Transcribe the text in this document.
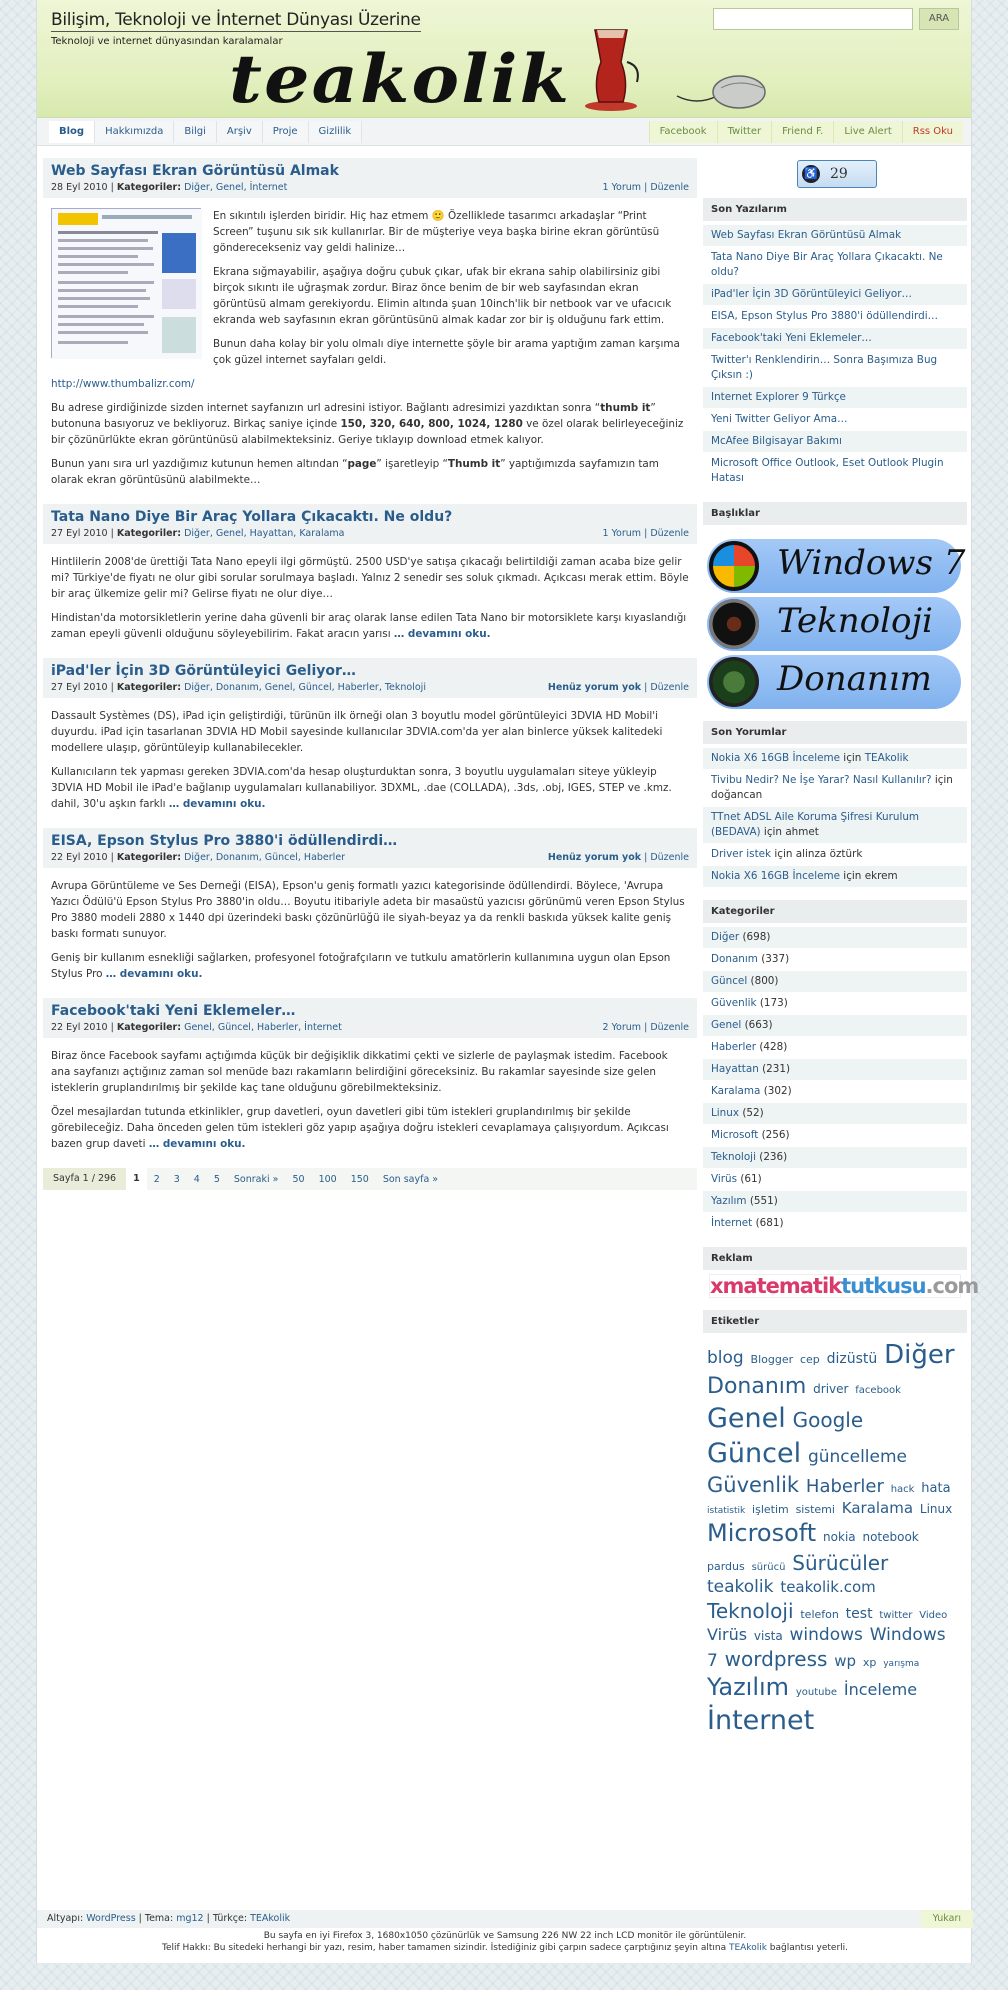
Bilişim, Teknoloji ve İnternet Dünyası Üzerine
Teknoloji ve internet dünyasından karalamalar
teakolik
ARA
Blog	Hakkımızda	Bilgi	Arşiv	Proje	Gizlilik	Facebook	Twitter	Friend F.	Live Alert	Rss Oku
Web Sayfası Ekran Görüntüsü Almak
28 Eyl 2010 | Kategoriler: Diğer, Genel, İnternet	1 Yorum | Düzenle

En sıkıntılı işlerden biridir. Hiç haz etmem 🙂 Özellikledе tasarımcı arkadaşlar “Print Screen” tuşunu sık sık kullanırlar. Bir de müşteriye veya başka birine ekran görüntüsü göndereceksеniz vay geldi halinize…

Ekrana sığmayabilir, aşağıya doğru çubuk çıkar, ufak bir ekrana sahip olabilirsiniz gibi birçok sıkıntı ile uğraşmak zordur. Biraz önce benim de bir web sayfasından ekran görüntüsü almam gerekiyordu. Elimin altında şuan 10inch'lik bir netbook var ve ufacıcık ekranda web sayfasının ekran görüntüsünü almak kadar zor bir iş olduğunu fark ettim.

Bunun daha kolay bir yolu olmalı diye internette şöyle bir arama yaptığım zaman karşıma çok güzel internet sayfaları geldi.

http://www.thumbalizr.com/

Bu adrese girdiğinizde sizden internet sayfanızın url adresini istiyor. Bağlantı adresimizi yazdıktan sonra “thumb it” butonuna basıyoruz ve bekliyoruz. Birkaç saniye içinde 150, 320, 640, 800, 1024, 1280 ve özel olarak belirleyeceğiniz bir çözünürlükte ekran görüntünüsü alabilmekteksiniz. Geriye tıklayıp download etmek kalıyor.

Bunun yanı sıra url yazdığımız kutunun hemen altından “page” işaretleyip “Thumb it” yaptığımızda sayfamızın tam olarak ekran görüntüsünü alabilmekte…

Tata Nano Diye Bir Araç Yollara Çıkacaktı. Ne oldu?
27 Eyl 2010 | Kategoriler: Diğer, Genel, Hayattan, Karalama	1 Yorum | Düzenle

Hintlilerin 2008'de ürettiği Tata Nano epeyli ilgi görmüştü. 2500 USD'ye satışa çıkacağı belirtildiği zaman acaba bize gelir mi? Türkiye'de fiyatı ne olur gibi sorular sorulmaya başladı. Yalnız 2 senedir ses soluk çıkmadı. Açıkcası merak ettim. Böyle bir araç ülkemize gelir mi? Gelirse fiyatı ne olur diye…

Hindistan'da motorsikletlerin yerine daha güvenli bir araç olarak lanse edilen Tata Nano bir motorsiklete karşı kıyaslandığı zaman epeyli güvenli olduğunu söyleyebilirim. Fakat aracın yarısı … devamını oku.

iPad'ler İçin 3D Görüntüleyici Geliyor…
27 Eyl 2010 | Kategoriler: Diğer, Donanım, Genel, Güncel, Haberler, Teknoloji	Henüz yorum yok | Düzenle

Dassault Systèmes (DS), iPad için geliştirdiği, türünün ilk örneği olan 3 boyutlu model görüntüleyici 3DVIA HD Mobil'i duyurdu. iPad için tasarlanan 3DVIA HD Mobil sayesinde kullanıcılar 3DVIA.com'da yer alan binlerce yüksek kalitedeki modellere ulaşıp, görüntüleyip kullanabilecekler.

Kullanıcıların tek yapması gereken 3DVIA.com'da hesap oluşturduktan sonra, 3 boyutlu uygulamaları siteye yükleyip 3DVIA HD Mobil ile iPad'e bağlanıp uygulamaları kullanabiliyor. 3DXML, .dae (COLLADA), .3ds, .obj, IGES, STEP ve .kmz. dahil, 30'u aşkın farklı … devamını oku.

EISA, Epson Stylus Pro 3880'i ödüllendirdi…
22 Eyl 2010 | Kategoriler: Diğer, Donanım, Güncel, Haberler	Henüz yorum yok | Düzenle

Avrupa Görüntüleme ve Ses Derneği (EISA), Epson'u geniş formatlı yazıcı kategorisinde ödüllendirdi. Böylece, 'Avrupa Yazıcı Ödülü'ü Epson Stylus Pro 3880'in oldu… Boyutu itibariyle adeta bir masaüstü yazıcısı görünümü veren Epson Stylus Pro 3880 modeli 2880 x 1440 dpi üzerindeki baskı çözünürlüğü ile siyah-beyaz ya da renkli baskıda yüksek kalite geniş baskı formatı sunuyor.

Geniş bir kullanım esnekliği sağlarken, profesyonel fotoğrafçıların ve tutkulu amatörlerin kullanımına uygun olan Epson Stylus Pro … devamını oku.

Facebook'taki Yeni Eklemeler…
22 Eyl 2010 | Kategoriler: Genel, Güncel, Haberler, İnternet	2 Yorum | Düzenle

Biraz önce Facebook sayfamı açtığımda küçük bir değişiklik dikkatimi çekti ve sizlerle de paylaşmak istedim. Facebook ana sayfanızı açtığınız zaman sol menüde bazı rakamların belirdiğini göreceksiniz. Bu rakamlar sayesinde size gelen isteklerin gruplandırılmış bir şekilde kaç tane olduğunu görebilmekteksiniz.

Özel mesajlardan tutunda etkinlikler, grup davetleri, oyun davetleri gibi tüm istekleri gruplandırılmış bir şekilde görebileceğiz. Daha önceden gelen tüm istekleri göz yapıp aşağıya doğru istekleri cevaplamaya çalışıyordum. Açıkcası bazen grup daveti … devamını oku.

Sayfa 1 / 296	1	2	3	4	5	Sonraki »	50	100	150	Son sayfa »
♿ 29
Son Yazılarım
Web Sayfası Ekran Görüntüsü Almak
Tata Nano Diye Bir Araç Yollara Çıkacaktı. Ne oldu?
iPad'ler İçin 3D Görüntüleyici Geliyor…
EISA, Epson Stylus Pro 3880'i ödüllendirdi…
Facebook'taki Yeni Eklemeler…
Twitter'ı Renklendirin… Sonra Başımıza Bug Çıksın :)
Internet Explorer 9 Türkçe
Yeni Twitter Geliyor Ama…
McAfee Bilgisayar Bakımı
Microsoft Office Outlook, Eset Outlook Plugin Hatası
Başlıklar
Windows 7
Teknoloji
Donanım
Son Yorumlar
Nokia X6 16GB İnceleme için TEAkolik
Tivibu Nedir? Ne İşe Yarar? Nasıl Kullanılır? için doğancan
TTnet ADSL Aile Koruma Şifresi Kurulum (BEDAVA) için ahmet
Driver istek için alinza öztürk
Nokia X6 16GB İnceleme için ekrem
Kategoriler
Diğer (698)
Donanım (337)
Güncel (800)
Güvenlik (173)
Genel (663)
Haberler (428)
Hayattan (231)
Karalama (302)
Linux (52)
Microsoft (256)
Teknoloji (236)
Virüs (61)
Yazılım (551)
İnternet (681)
Reklam
xmatematiktutkusu.com
Etiketler
blog Blogger cep dizüstü Diğer Donanım driver facebook Genel Google Güncel güncelleme Güvenlik Haberler hack hata istatistik işletim sistemi Karalama Linux Microsoft nokia notebook pardus sürücü Sürücüler teakolik teakolik.com Teknoloji telefon test twitter Video Virüs vista windows Windows 7 wordpress wp xp yarışma Yazılım youtube İnceleme İnternet
Altyapı: WordPress | Tema: mg12 | Türkçe: TEAkolik	Yukarı
Bu sayfa en iyi Firefox 3, 1680x1050 çözünürlük ve Samsung 226 NW 22 inch LCD monitör ile görüntülenir.
Telif Hakkı: Bu sitedeki herhangi bir yazı, resim, haber tamamen sizindir. İstediğiniz gibi çarpın sadece çarptığınız şeyin altına TEAkolik bağlantısı yeterli.
